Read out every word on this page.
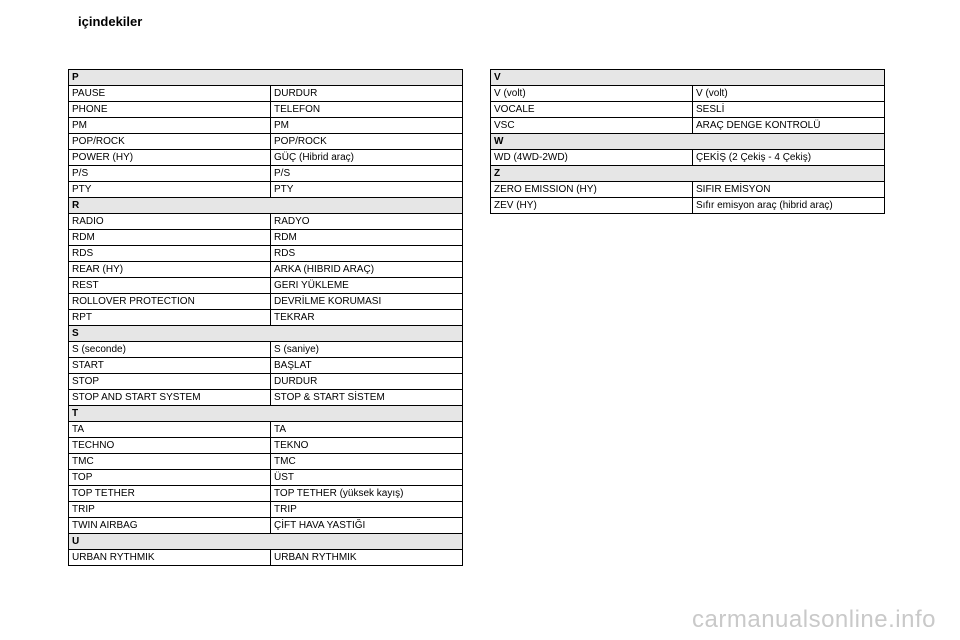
içindekiler
P	
PAUSE	DURDUR
PHONE	TELEFON
PM	PM
POP/ROCK	POP/ROCK
POWER (HY)	GÜÇ (Hibrid araç)
P/S	P/S
PTY	PTY
R	
RADIO	RADYO
RDM	RDM
RDS	RDS
REAR (HY)	ARKA (HIBRID ARAÇ)
REST	GERI YÜKLEME
ROLLOVER PROTECTION	DEVRİLME KORUMASI
RPT	TEKRAR
S	
S (seconde)	S (saniye)
START	BAŞLAT
STOP	DURDUR
STOP AND START SYSTEM	STOP & START SİSTEM
T	
TA	TA
TECHNO	TEKNO
TMC	TMC
TOP	ÜST
TOP TETHER	TOP TETHER (yüksek kayış)
TRIP	TRIP
TWIN AIRBAG	ÇİFT HAVA YASTIĞI
U	
URBAN RYTHMIK	URBAN RYTHMIK
V	
V (volt)	V (volt)
VOCALE	SESLİ
VSC	ARAÇ DENGE KONTROLÜ
W	
WD (4WD-2WD)	ÇEKİŞ (2 Çekiş - 4 Çekiş)
Z	
ZERO EMISSION (HY)	SIFIR EMİSYON
ZEV (HY)	Sıfır emisyon araç (hibrid araç)
carmanualsonline.info
